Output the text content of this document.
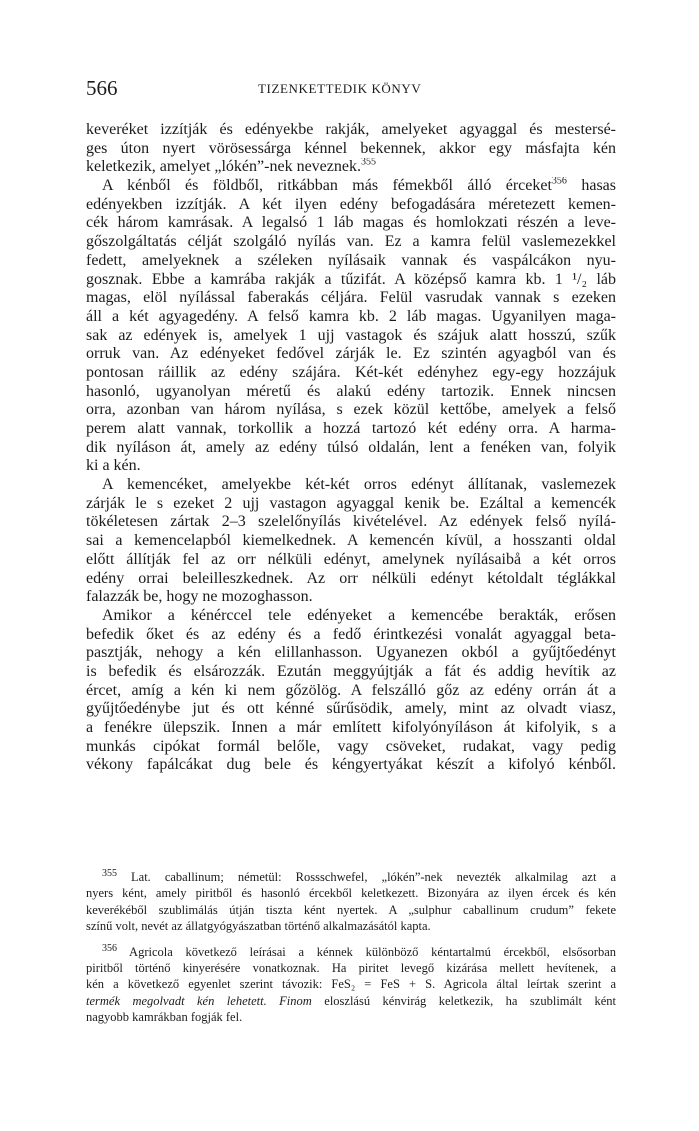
566	TIZENKETTEDIK KÖNYV
keveréket izzítják és edényekbe rakják, amelyeket agyaggal és mestersé-
ges úton nyert vörösessárga kénnel bekennek, akkor egy másfajta kén
keletkezik, amelyet „lókén”-nek neveznek.$^{355}$
A kénből és földből, ritkábban más fémekből álló érceket$^{356}$ hasas
edényekben izzítják. A két ilyen edény befogadására méretezett kemen-
cék három kamrásak. A legalsó 1 láb magas és homlokzati részén a leve-
gőszolgáltatás célját szolgáló nyílás van. Ez a kamra felül vaslemezekkel
fedett, amelyeknek a széleken nyílásaik vannak és vaspálcákon nyu-
gosznak. Ebbe a kamrába rakják a tűzifát. A középső kamra kb. 1 ¹/₂ láb
magas, elöl nyílással faberakás céljára. Felül vasrudak vannak s ezeken
áll a két agyagedény. A felső kamra kb. 2 láb magas. Ugyanilyen maga-
sak az edények is, amelyek 1 ujj vastagok és szájuk alatt hosszú, szűk
orruk van. Az edényeket fedővel zárják le. Ez szintén agyagból van és
pontosan ráillik az edény szájára. Két-két edényhez egy-egy hozzájuk
hasonló, ugyanolyan méretű és alakú edény tartozik. Ennek nincsen
orra, azonban van három nyílása, s ezek közül kettőbe, amelyek a felső
perem alatt vannak, torkollik a hozzá tartozó két edény orra. A harma-
dik nyíláson át, amely az edény túlsó oldalán, lent a fenéken van, folyik
ki a kén.
A kemencéket, amelyekbe két-két orros edényt állítanak, vaslemezek
zárják le s ezeket 2 ujj vastagon agyaggal kenik be. Ezáltal a kemencék
tökéletesen zártak 2–3 szelelőnyílás kivételével. Az edények felső nyílá-
sai a kemencelapból kiemelkednek. A kemencén kívül, a hosszanti oldal
előtt állítják fel az orr nélküli edényt, amelynek nyílásaibå a két orros
edény orrai beleilleszkednek. Az orr nélküli edényt kétoldalt téglákkal
falazzák be, hogy ne mozoghasson.
Amikor a kénérccel tele edényeket a kemencébe berakták, erősen
befedik őket és az edény és a fedő érintkezési vonalát agyaggal beta-
pasztják, nehogy a kén elillanhasson. Ugyanezen okból a gyűjtőedényt
is befedik és elsározzák. Ezután meggyújtják a fát és addig hevítik az
ércet, amíg a kén ki nem gőzölög. A felszálló gőz az edény orrán át a
gyűjtőedénybe jut és ott kénné sűrűsödik, amely, mint az olvadt viasz,
a fenékre ülepszik. Innen a már említett kifolyónyíláson át kifolyik, s a
munkás cipókat formál belőle, vagy csöveket, rudakat, vagy pedig
vékony fapálcákat dug bele és kéngyertyákat készít a kifolyó kénből.
$^{355}$ Lat. caballinum; németül: Rossschwefel, „lókén”-nek nevezték alkalmilag azt a
nyers ként, amely piritből és hasonló ércekből keletkezett. Bizonyára az ilyen ércek és kén
keverékéből szublimálás útján tiszta ként nyertek. A „sulphur caballinum crudum” fekete
színű volt, nevét az állatgyógyászatban történő alkalmazásától kapta.
$^{356}$ Agricola következő leírásai a kénnek különböző kéntartalmú ércekből, elsősorban
piritből történő kinyerésére vonatkoznak. Ha piritet levegő kizárása mellett hevítenek, a
kén a következő egyenlet szerint távozik: FeS₂ = FeS + S. Agricola által leírtak szerint a
termék megolvadt kén lehetett. Finom eloszlású kénvirág keletkezik, ha szublimált ként
nagyobb kamrákban fogják fel.
